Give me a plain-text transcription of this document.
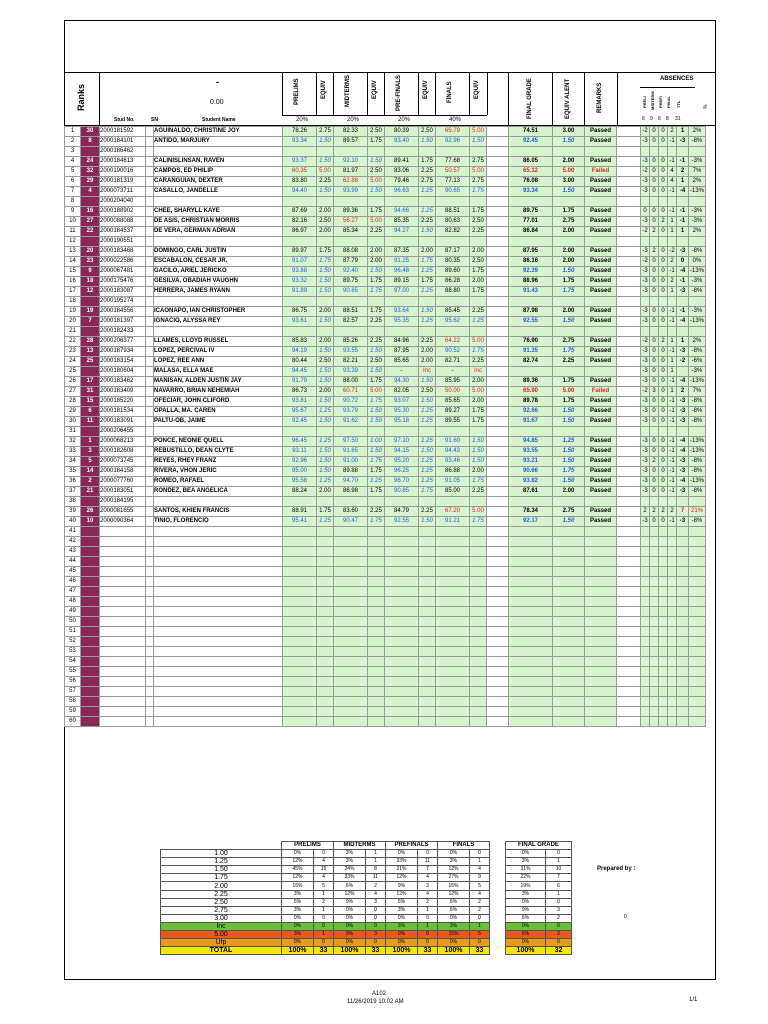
Ranks
-
0.00
Stud No.	SN	Student Name
PRELIMS	EQUIV	MIDTERMS	EQUIV	PRE-FINALS	EQUIV	FINALS	EQUIV
20%	20%	20%	40%
FINAL GRADE	EQUIV ALENT	REMARKS
ABSENCES
PRELI MIDTERM PREFI FINAL TTL
6 9 6 8 31
%
1	30	2000181592		AGUINALDO, CHRISTINE JOY	78.26	2.75	82.33	2.50	80.39	2.50	65.79	5.00		74.51	3.00	Passed		-2	0	0	2	1	2%
2	8	2000184101		ANTIDO, MARJURY	93.34	1.50	89.57	1.75	93.40	1.50	92.96	1.50		92.45	1.50	Passed		-3	0	0	-1	-3	-8%
3		2000186462																					
4	24	2000184613		CALINISLINSAN, RAVEN	93.37	1.50	92.10	1.50	89.41	1.75	77.68	2.75		86.05	2.00	Passed		-3	0	0	-1	-1	-3%
5	32	2000190016		CAMPOS, ED PHILIP	60.35	5.00	81.97	2.50	83.06	2.25	50.57	5.00		65.12	5.00	Failed		-2	0	0	4	2	7%
6	29	2000181319		CARANGUIAN, DEXTER	83.80	2.25	62.88	5.00	79.46	2.75	77.13	2.75		76.08	3.00	Passed		-3	0	0	4	1	2%
7	4	2000073711		CASALLO, JANDELLE	94.40	1.50	93.99	1.50	96.63	1.25	90.65	1.75		93.34	1.50	Passed		-3	0	0	-1	-4	-13%
8		2000204040																					
9	16	2000188902		CHEE, SHARYLL KAYE	87.69	2.00	89.36	1.75	94.66	1.25	88.51	1.75		89.75	1.75	Passed		0	0	0	-1	-1	-3%
10	27	2000088088		DE ASIS, CHRISTIAN MORRIS	82.16	2.50	56.27	5.00	85.35	2.25	80.63	2.50		77.01	2.75	Passed		-3	0	2	1	-1	-3%
11	22	2000184537		DE VERA, GERMAN ADRIAN	86.97	2.00	85.34	2.25	94.27	1.50	82.82	2.25		86.84	2.00	Passed		-2	2	0	1	1	2%
12		2000190551																					
13	20	2000183468		DOMINGO, CARL JUSTIN	89.97	1.75	88.08	2.00	87.35	2.00	87.17	2.00		87.95	2.00	Passed		-3	2	0	-2	-3	-8%
14	23	2000022586		ESCABALON, CESAR JR.	91.07	1.75	87.79	2.00	91.25	1.75	80.35	2.50		86.16	2.00	Passed		-2	0	0	2	0	0%
15	9	2000067481		GACILO, ARIEL JERICKO	93.88	1.50	92.40	1.50	96.48	1.25	89.60	1.75		92.39	1.50	Passed		-3	0	0	-1	-4	-13%
16	18	2000175476		GESILVA, OBADIAH VAUGHN	93.32	1.50	89.75	1.75	89.15	1.75	86.28	2.00		88.96	1.75	Passed		-3	0	0	2	-1	-3%
17	12	2000183087		HERRERA, JAMES RYANN	91.89	1.50	90.65	1.75	97.00	1.25	88.80	1.75		91.43	1.75	Passed		-3	0	0	1	-3	-8%
18		2000195274																					
19	19	2000184556		ICAONAPO, IAN CHRISTOPHER	86.75	2.00	88.51	1.75	93.64	1.50	85.45	2.25		87.98	2.00	Passed		-3	0	0	-1	-1	-3%
20	7	2000181397		IGNACIO, ALYSSA REY	93.61	1.50	82.57	2.25	95.35	1.25	95.62	1.25		92.55	1.50	Passed		-3	0	0	-1	-4	-13%
21		2000182433																					
22	28	2000206377		LLAMES, LLOYD RUSSEL	85.83	2.00	85.26	2.25	84.96	2.25	64.22	5.00		76.90	2.75	Passed		-2	0	2	1	1	2%
23	13	2000187934		LOPEZ, PERCIVAL IV	94.19	1.50	93.55	1.50	87.95	2.00	90.52	1.75		91.35	1.75	Passed		-3	0	0	-1	-3	-8%
24	25	2000183154		LOPEZ, REE ANN	80.44	2.50	82.21	2.50	85.65	2.00	82.71	2.25		82.74	2.25	Passed		-3	0	0	1	-2	-6%
25		2000180604		MALASA, ELLA MAE	94.45	1.50	93.39	1.50	-	Inc	-	Inc						-3	0	0	1		-3%
26	17	2000183462		MANISAN, ALDEN JUSTIN JAY	91.79	1.50	88.00	1.75	94.30	1.50	85.95	2.00		89.36	1.75	Passed		-3	0	0	-1	-4	-13%
27	31	2000183409		NAVARRO, BRIAN NEHEMIAH	86.73	2.00	60.71	5.00	82.05	2.50	50.00	5.00		65.90	5.00	Failed		-2	3	0	1	2	7%
28	15	2000185220		OFECIAR, JOHN CLIFORD	93.81	1.50	90.72	1.75	93.07	1.50	85.65	2.00		89.78	1.75	Passed		-3	0	0	-1	-3	-8%
29	6	2000181534		OPALLA, MA. CAREN	95.67	1.25	93.79	1.50	95.30	1.25	89.27	1.75		92.66	1.50	Passed		-3	0	0	-1	-3	-8%
30	11	2000183091		PALTU-OB, JAIME	92.45	1.50	91.62	1.50	95.18	1.25	89.55	1.75		91.67	1.50	Passed		-3	0	0	-1	-3	-8%
31		2000206455																					
32	1	2000068213		PONCE, NEONIE QUELL	96.45	1.25	97.50	1.00	97.10	1.25	91.60	1.50		94.85	1.25	Passed		-3	0	0	-1	-4	-13%
33	3	2000182608		REBUSTILLO, DEAN CLYTE	93.11	1.50	91.65	1.50	94.15	1.50	94.43	1.50		93.55	1.50	Passed		-3	0	0	-1	-4	-13%
34	5	2000073745		REYES, RHEY FRANZ	92.96	1.50	91.00	1.75	95.20	1.25	93.46	1.50		93.21	1.50	Passed		-3	2	0	-1	-3	-8%
35	14	2000184158		RIVERA, VHON JERIC	95.00	1.50	89.88	1.75	96.25	1.25	86.88	2.00		90.66	1.75	Passed		-3	0	0	-1	-3	-8%
36	2	2000077760		ROMEO, RAFAEL	95.58	1.25	94.70	1.25	96.70	1.25	91.05	1.75		93.82	1.50	Passed		-3	0	0	-1	-4	-13%
37	21	2000183051		RONDEZ, BEA ANGELICA	88.24	2.00	86.98	1.75	90.85	1.75	85.00	2.25		87.61	2.00	Passed		-3	0	0	-1	-3	-8%
38		2000184195																					
39	26	2000081655		SANTOS, KHIEN FRANCIS	88.91	1.75	83.60	2.25	84.79	2.25	67.20	5.00		78.34	2.75	Passed		2	2	2	2	7	21%
40	10	2000090364		TINIO, FLORENCIO	95.41	1.25	90.47	1.75	92.55	1.50	91.21	1.75		92.17	1.50	Passed		-3	0	0	-1	-3	-8%
41																							
42																							
43																							
44																							
45																							
46																							
47																							
48																							
49																							
50																							
51																							
52																							
53																							
54																							
55																							
56																							
57																							
58																							
59																							
60																							
	PRELIMS		MIDTERMS		PREFINALS		FINALS			FINAL GRADE	
1.00	0%	0	3%	1	0%	0	0%	0		0%	0
1.25	12%	4	3%	1	33%	11	3%	1		3%	1
1.50	45%	15	24%	8	21%	7	12%	4		31%	10
1.75	12%	4	33%	11	12%	4	27%	9		22%	7
2.00	15%	5	6%	2	9%	3	15%	5		19%	6
2.25	3%	1	12%	4	12%	4	12%	4		3%	1
2.50	6%	2	9%	3	6%	2	6%	2		0%	0
2.75	3%	1	0%	0	3%	1	6%	2		9%	3
3.00	0%	0	0%	0	0%	0	0%	0		6%	2
Inc	0%	0	0%	0	3%	1	3%	1		0%	0
5.00	3%	1	9%	3	0%	0	15%	5		6%	2
Ufp	0%	0	0%	0	0%	0	0%	0		0%	0
TOTAL	100%	33	100%	33	100%	33	100%	33		100%	32
Prepared by :
0
A102
11/26/2019 10:02 AM	1/1
